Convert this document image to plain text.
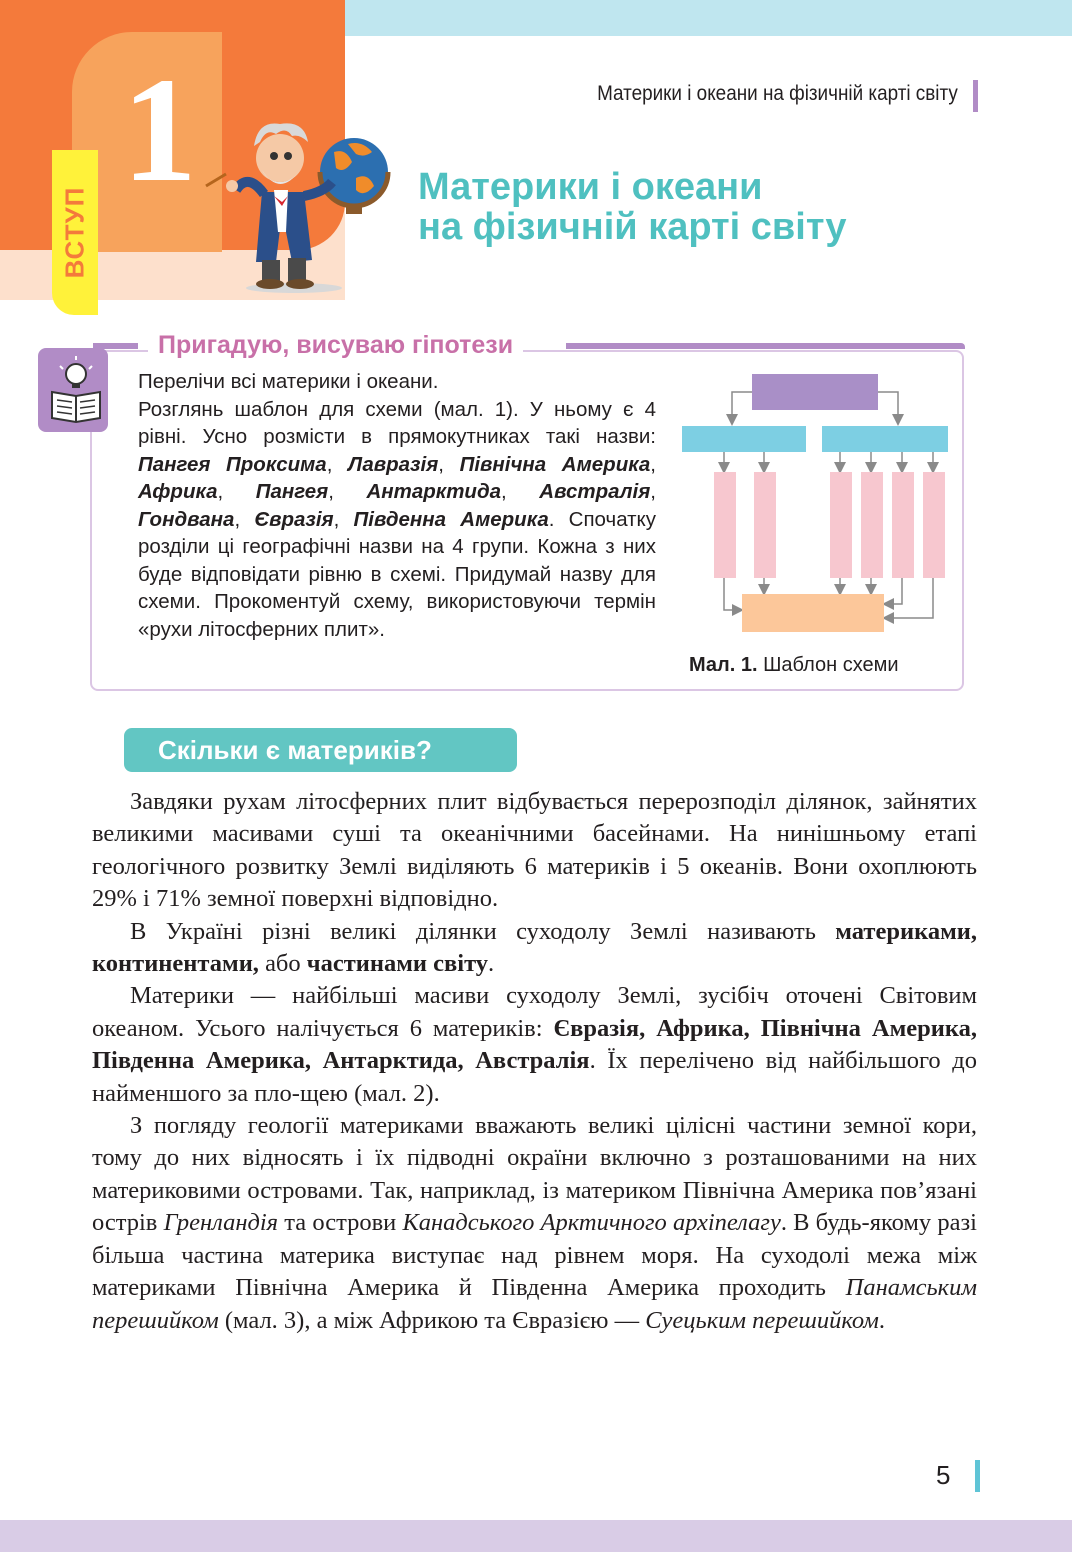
1
ВСТУП
Материки і океани на фізичній карті світу
Материки і океани
на фізичній карті світу
Пригадую, висуваю гіпотези

Перелічи всі материки і океани.

Розглянь шаблон для схеми (мал. 1). У ньому є 4 рівні. Усно розмісти в прямокутниках такі назви: Пангея Проксима, Лавразія, Північна Америка, Африка, Пангея, Антарктида, Австралія, Гондвана, Євразія, Південна Америка. Спочатку розділи ці географічні назви на 4 групи. Кожна з них буде відповідати рівню в схемі. Придумай назву для схеми. Прокоментуй схему, використовуючи термін «рухи літосферних плит».

Мал. 1. Шаблон схеми
Скільки є материків?

Завдяки рухам літосферних плит відбувається перерозподіл ділянок, зайнятих великими масивами суші та океанічними басейнами. На нинішньому етапі геологічного розвитку Землі виділяють 6 материків і 5 океанів. Вони охоплюють 29% і 71% земної поверхні відповідно.

В Україні різні великі ділянки суходолу Землі називають материками, континентами, або частинами світу.

Материки — найбільші масиви суходолу Землі, зусібіч оточені Світовим океаном. Усього налічується 6 материків: Євразія, Африка, Північна Америка, Південна Америка, Антарктида, Австралія. Їх перелічено від найбільшого до найменшого за пло-щею (мал. 2).

З погляду геології материками вважають великі цілісні частини земної кори, тому до них відносять і їх підводні окраїни включно з розташованими на них материковими островами. Так, наприклад, із материком Північна Америка пов’язані острів Гренландія та острови Канадського Арктичного архіпелагу. В будь-якому разі більша частина материка виступає над рівнем моря. На суходолі межа між материками Північна Америка й Південна Америка проходить Панамським перешийком (мал. 3), а між Африкою та Євразією — Суецьким перешийком.

5
